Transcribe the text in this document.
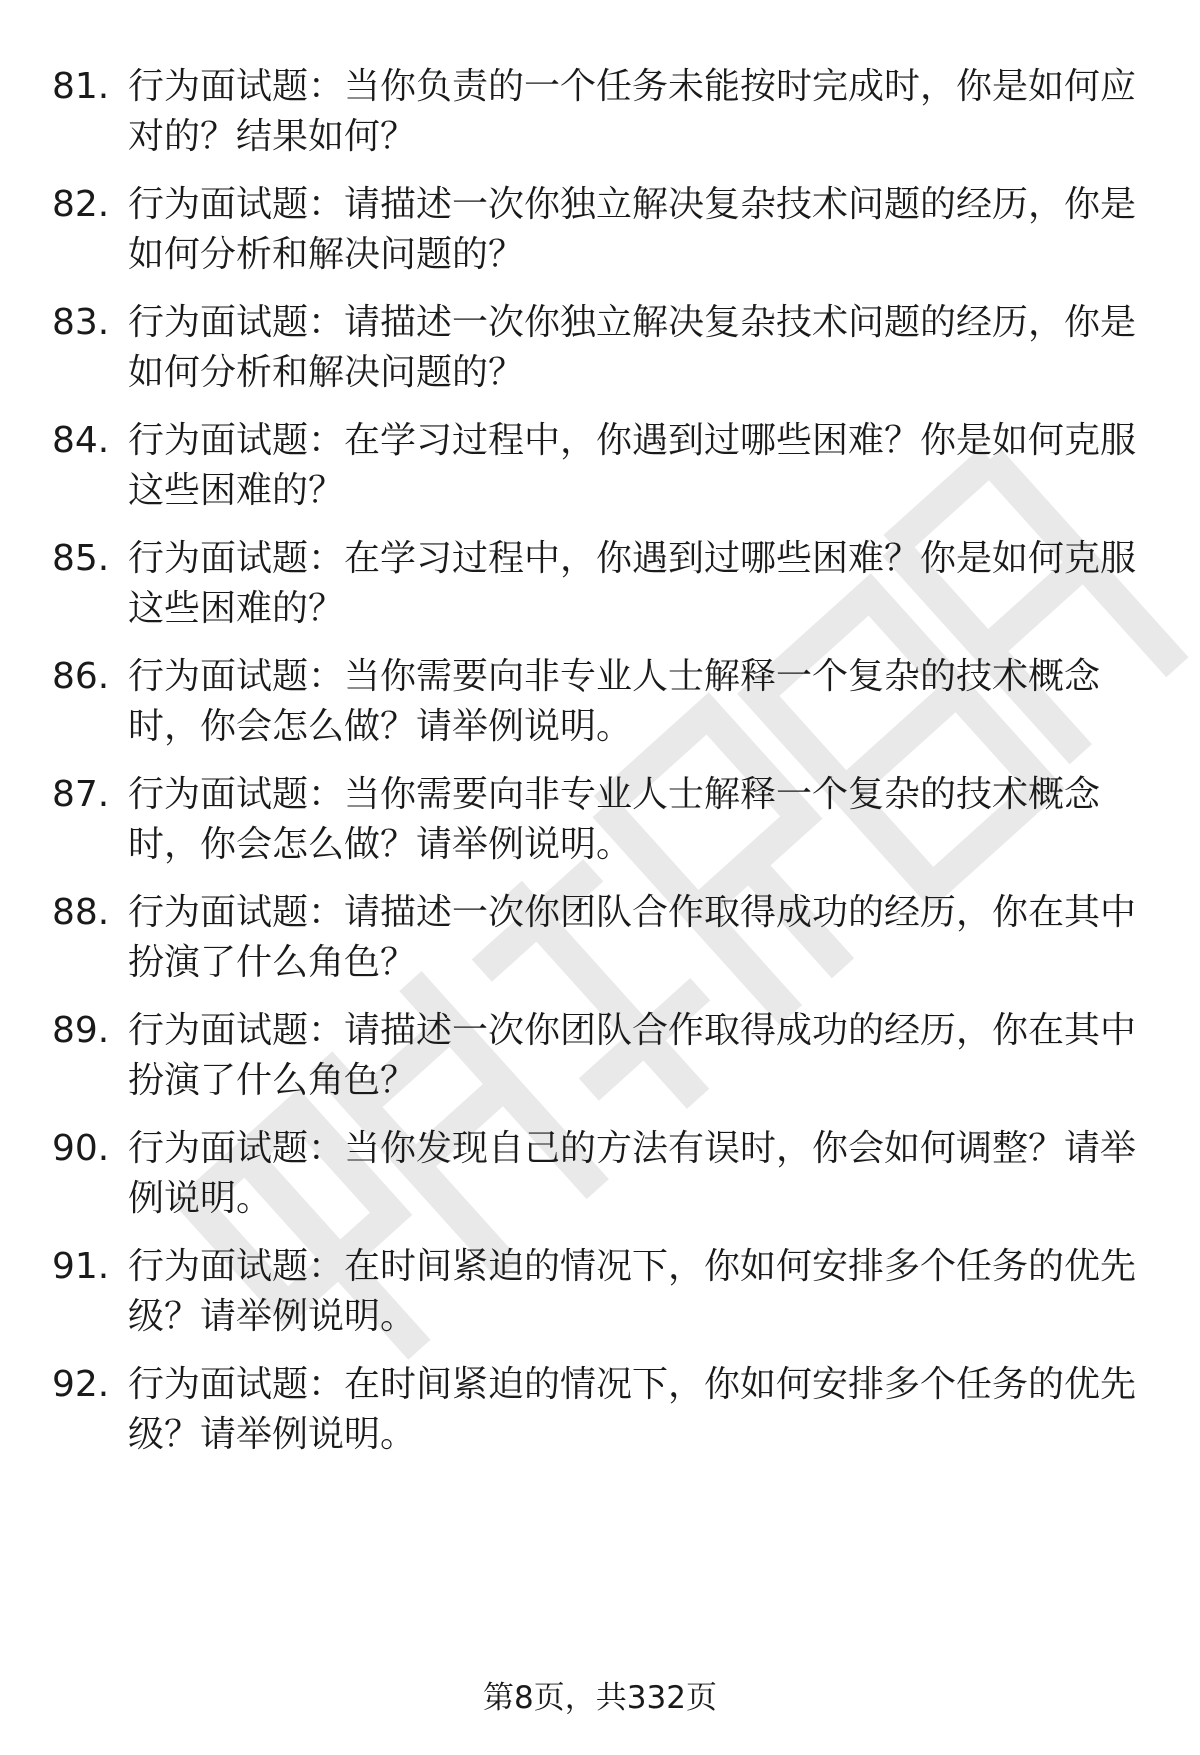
81. 行为面试题：当你负责的一个任务未能按时完成时，你是如何应对的？结果如何？
82. 行为面试题：请描述一次你独立解决复杂技术问题的经历，你是如何分析和解决问题的？
83. 行为面试题：请描述一次你独立解决复杂技术问题的经历，你是如何分析和解决问题的？
84. 行为面试题：在学习过程中，你遇到过哪些困难？你是如何克服这些困难的？
85. 行为面试题：在学习过程中，你遇到过哪些困难？你是如何克服这些困难的？
86. 行为面试题：当你需要向非专业人士解释一个复杂的技术概念时，你会怎么做？请举例说明。
87. 行为面试题：当你需要向非专业人士解释一个复杂的技术概念时，你会怎么做？请举例说明。
88. 行为面试题：请描述一次你团队合作取得成功的经历，你在其中扮演了什么角色？
89. 行为面试题：请描述一次你团队合作取得成功的经历，你在其中扮演了什么角色？
90. 行为面试题：当你发现自己的方法有误时，你会如何调整？请举例说明。
91. 行为面试题：在时间紧迫的情况下，你如何安排多个任务的优先级？请举例说明。
92. 行为面试题：在时间紧迫的情况下，你如何安排多个任务的优先级？请举例说明。
第8页，共332页
